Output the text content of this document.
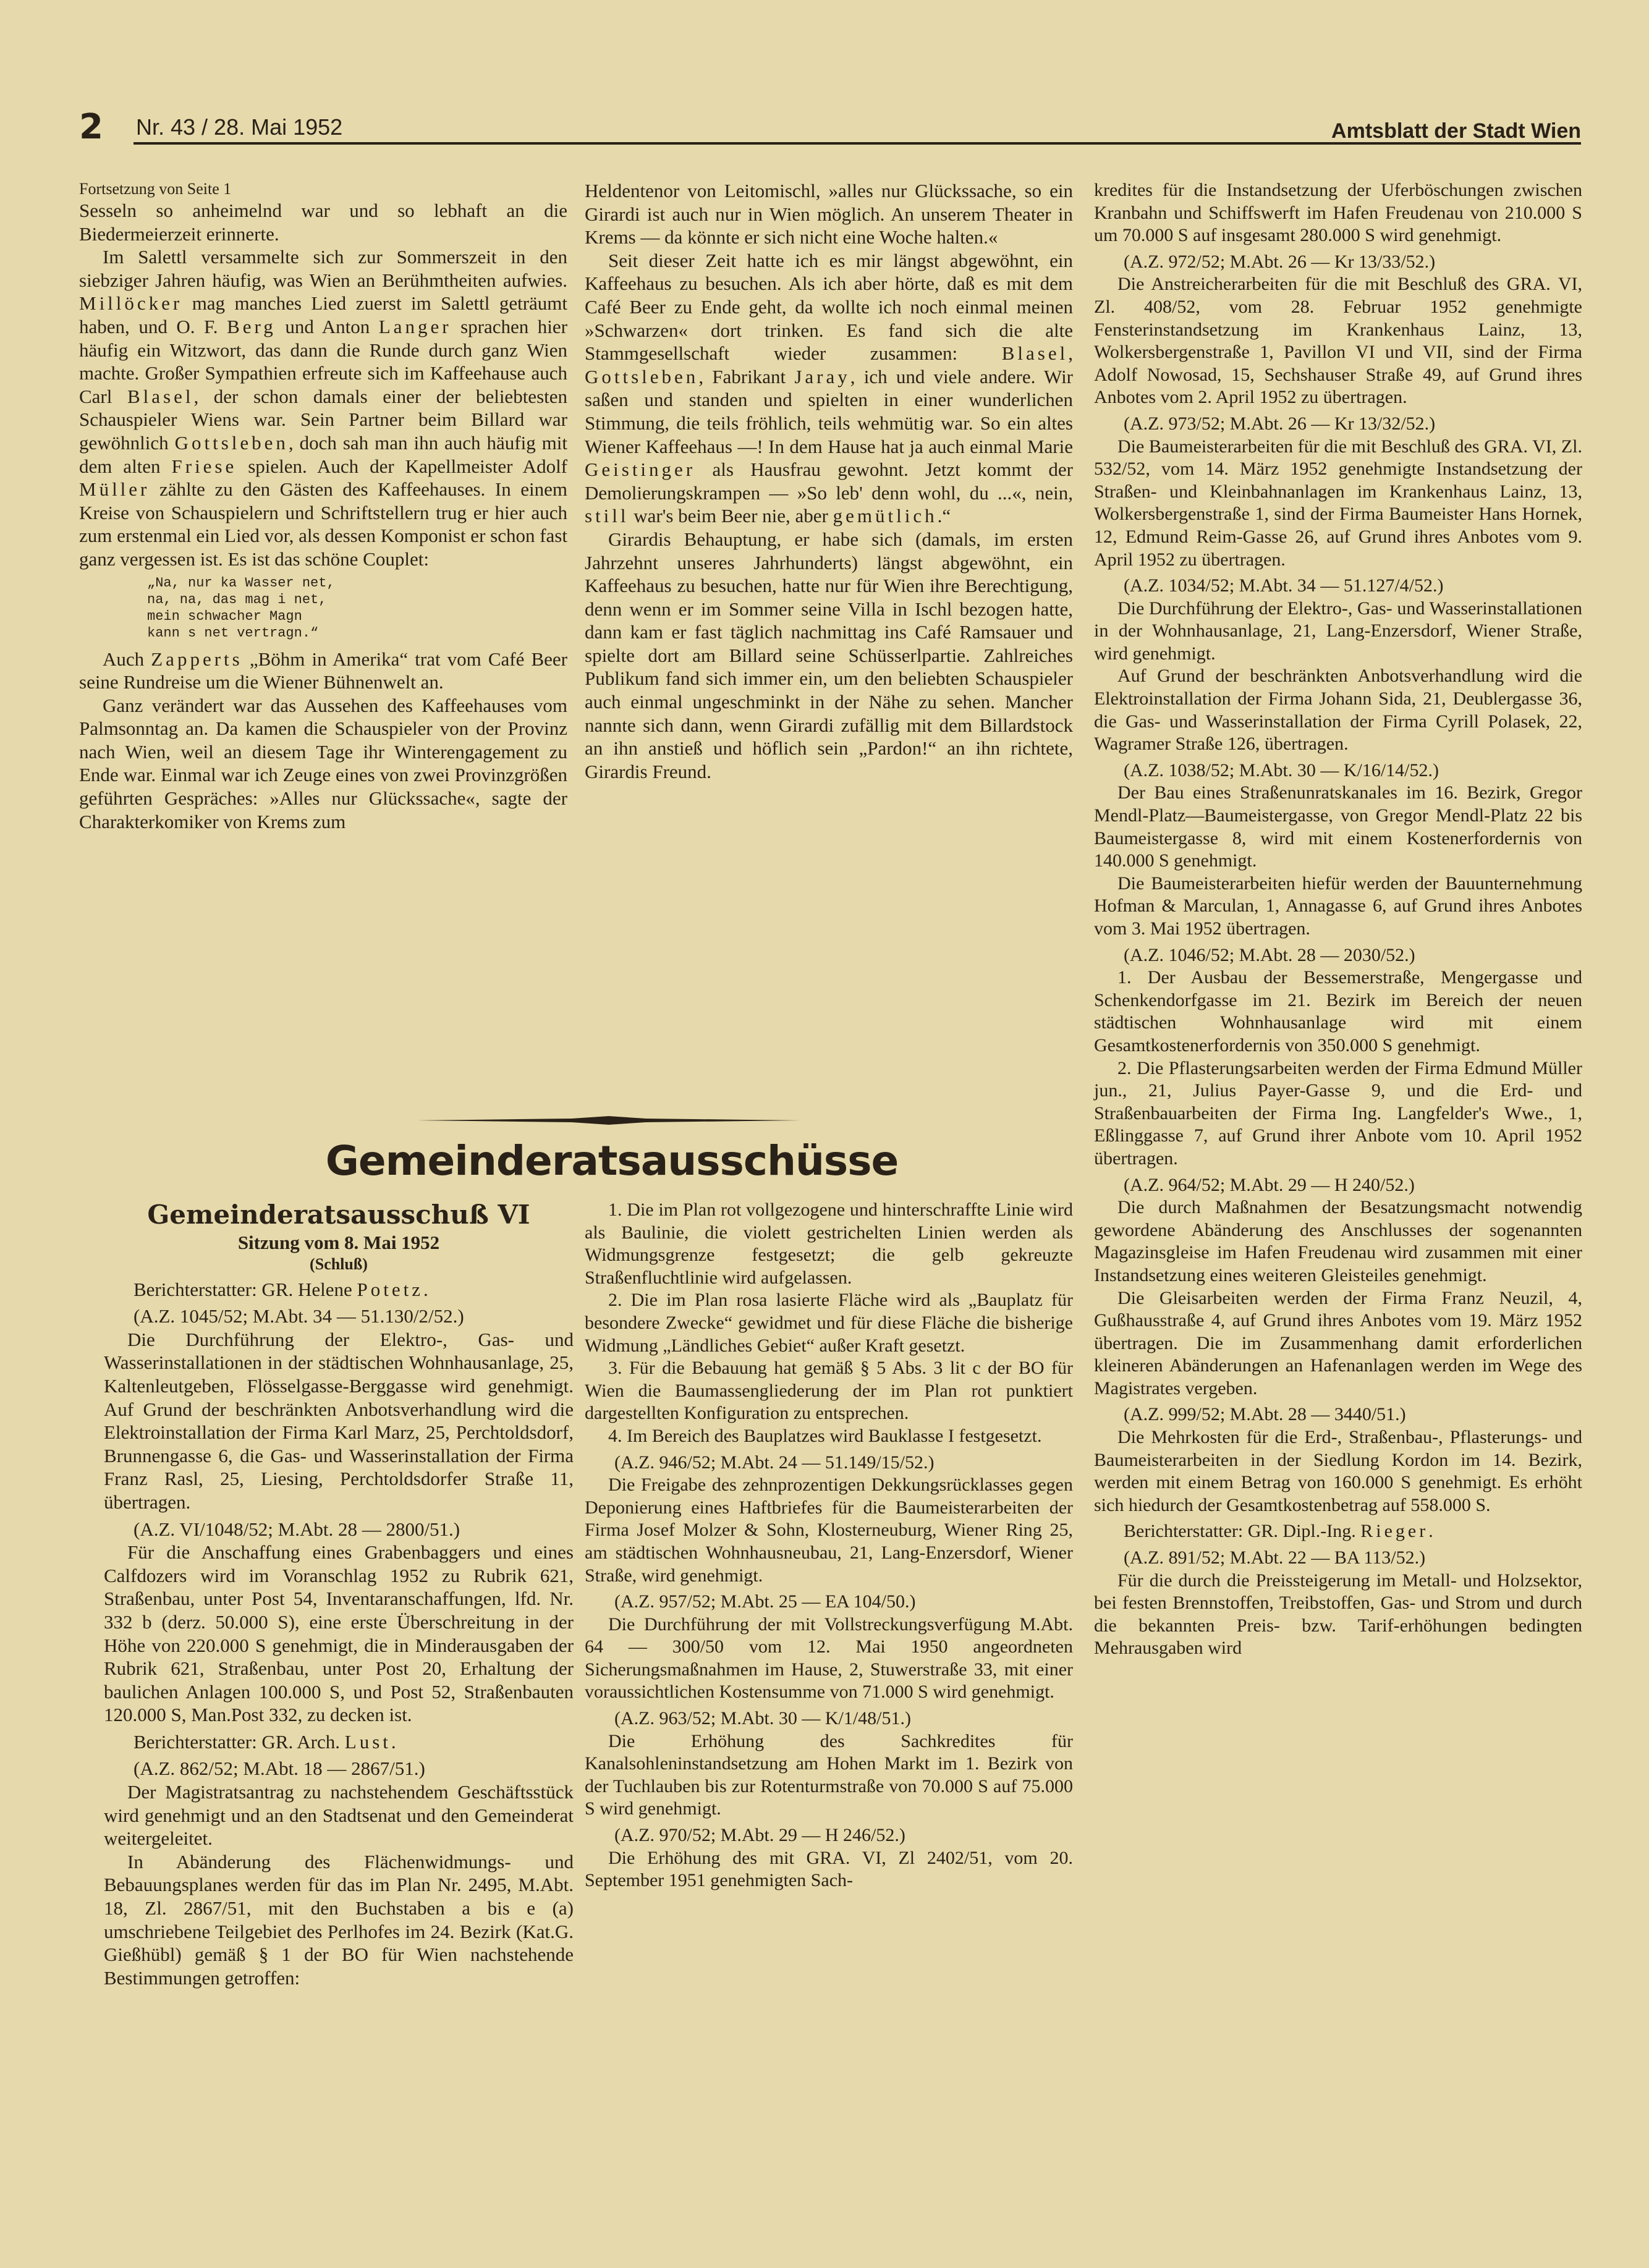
2 Nr. 43 / 28. Mai 1952	Amtsblatt der Stadt Wien

Fortsetzung von Seite 1

Sesseln so anheimelnd war und so lebhaft an die Biedermeierzeit erinnerte.

Im Salettl versammelte sich zur Sommerszeit in den siebziger Jahren häufig, was Wien an Berühmtheiten aufwies. Millöcker mag manches Lied zuerst im Salettl geträumt haben, und O. F. Berg und Anton Langer sprachen hier häufig ein Witzwort, das dann die Runde durch ganz Wien machte. Großer Sympathien erfreute sich im Kaffeehause auch Carl Blasel, der schon damals einer der beliebtesten Schauspieler Wiens war. Sein Partner beim Billard war gewöhnlich Gottsleben, doch sah man ihn auch häufig mit dem alten Friese spielen. Auch der Kapellmeister Adolf Müller zählte zu den Gästen des Kaffeehauses. In einem Kreise von Schauspielern und Schriftstellern trug er hier auch zum erstenmal ein Lied vor, als dessen Komponist er schon fast ganz vergessen ist. Es ist das schöne Couplet:

„Na, nur ka Wasser net,
na, na, das mag i net,
mein schwacher Magn
kann s net vertragn.“

Auch Zapperts „Böhm in Amerika“ trat vom Café Beer seine Rundreise um die Wiener Bühnenwelt an.

Ganz verändert war das Aussehen des Kaffeehauses vom Palmsonntag an. Da kamen die Schauspieler von der Provinz nach Wien, weil an diesem Tage ihr Winterengagement zu Ende war. Einmal war ich Zeuge eines von zwei Provinzgrößen geführten Gespräches: »Alles nur Glückssache«, sagte der Charakterkomiker von Krems zum

Heldentenor von Leitomischl, »alles nur Glückssache, so ein Girardi ist auch nur in Wien möglich. An unserem Theater in Krems — da könnte er sich nicht eine Woche halten.«

Seit dieser Zeit hatte ich es mir längst abgewöhnt, ein Kaffeehaus zu besuchen. Als ich aber hörte, daß es mit dem Café Beer zu Ende geht, da wollte ich noch einmal meinen »Schwarzen« dort trinken. Es fand sich die alte Stammgesellschaft wieder zusammen: Blasel, Gottsleben, Fabrikant Jaray, ich und viele andere. Wir saßen und standen und spielten in einer wunderlichen Stimmung, die teils fröhlich, teils wehmütig war. So ein altes Wiener Kaffeehaus —! In dem Hause hat ja auch einmal Marie Geistinger als Hausfrau gewohnt. Jetzt kommt der Demolierungskrampen — »So leb' denn wohl, du ...«, nein, still war's beim Beer nie, aber gemütlich.“

Girardis Behauptung, er habe sich (damals, im ersten Jahrzehnt unseres Jahrhunderts) längst abgewöhnt, ein Kaffeehaus zu besuchen, hatte nur für Wien ihre Berechtigung, denn wenn er im Sommer seine Villa in Ischl bezogen hatte, dann kam er fast täglich nachmittag ins Café Ramsauer und spielte dort am Billard seine Schüsserlpartie. Zahlreiches Publikum fand sich immer ein, um den beliebten Schauspieler auch einmal ungeschminkt in der Nähe zu sehen. Mancher nannte sich dann, wenn Girardi zufällig mit dem Billardstock an ihn anstieß und höflich sein „Pardon!“ an ihn richtete, Girardis Freund.

kredites für die Instandsetzung der Uferböschungen zwischen Kranbahn und Schiffswerft im Hafen Freudenau von 210.000 S um 70.000 S auf insgesamt 280.000 S wird genehmigt.

(A.Z. 972/52; M.Abt. 26 — Kr 13/33/52.)

Die Anstreicherarbeiten für die mit Beschluß des GRA. VI, Zl. 408/52, vom 28. Februar 1952 genehmigte Fensterinstandsetzung im Krankenhaus Lainz, 13, Wolkersbergenstraße 1, Pavillon VI und VII, sind der Firma Adolf Nowosad, 15, Sechshauser Straße 49, auf Grund ihres Anbotes vom 2. April 1952 zu übertragen.

(A.Z. 973/52; M.Abt. 26 — Kr 13/32/52.)

Die Baumeisterarbeiten für die mit Beschluß des GRA. VI, Zl. 532/52, vom 14. März 1952 genehmigte Instandsetzung der Straßen- und Kleinbahnanlagen im Krankenhaus Lainz, 13, Wolkersbergenstraße 1, sind der Firma Baumeister Hans Hornek, 12, Edmund Reim-Gasse 26, auf Grund ihres Anbotes vom 9. April 1952 zu übertragen.

(A.Z. 1034/52; M.Abt. 34 — 51.127/4/52.)

Die Durchführung der Elektro-, Gas- und Wasserinstallationen in der Wohnhausanlage, 21, Lang-Enzersdorf, Wiener Straße, wird genehmigt.

Auf Grund der beschränkten Anbotsverhandlung wird die Elektroinstallation der Firma Johann Sida, 21, Deublergasse 36, die Gas- und Wasserinstallation der Firma Cyrill Polasek, 22, Wagramer Straße 126, übertragen.

(A.Z. 1038/52; M.Abt. 30 — K/16/14/52.)

Der Bau eines Straßenunratskanales im 16. Bezirk, Gregor Mendl-Platz—Baumeistergasse, von Gregor Mendl-Platz 22 bis Baumeistergasse 8, wird mit einem Kostenerfordernis von 140.000 S genehmigt.

Die Baumeisterarbeiten hiefür werden der Bauunternehmung Hofman & Marculan, 1, Annagasse 6, auf Grund ihres Anbotes vom 3. Mai 1952 übertragen.

(A.Z. 1046/52; M.Abt. 28 — 2030/52.)

1. Der Ausbau der Bessemerstraße, Mengergasse und Schenkendorfgasse im 21. Bezirk im Bereich der neuen städtischen Wohnhausanlage wird mit einem Gesamtkostenerfordernis von 350.000 S genehmigt.

2. Die Pflasterungsarbeiten werden der Firma Edmund Müller jun., 21, Julius Payer-Gasse 9, und die Erd- und Straßenbauarbeiten der Firma Ing. Langfelder's Wwe., 1, Eßlinggasse 7, auf Grund ihrer Anbote vom 10. April 1952 übertragen.

(A.Z. 964/52; M.Abt. 29 — H 240/52.)

Die durch Maßnahmen der Besatzungsmacht notwendig gewordene Abänderung des Anschlusses der sogenannten Magazinsgleise im Hafen Freudenau wird zusammen mit einer Instandsetzung eines weiteren Gleisteiles genehmigt.

Die Gleisarbeiten werden der Firma Franz Neuzil, 4, Gußhausstraße 4, auf Grund ihres Anbotes vom 19. März 1952 übertragen. Die im Zusammenhang damit erforderlichen kleineren Abänderungen an Hafenanlagen werden im Wege des Magistrates vergeben.

(A.Z. 999/52; M.Abt. 28 — 3440/51.)

Die Mehrkosten für die Erd-, Straßenbau-, Pflasterungs- und Baumeisterarbeiten in der Siedlung Kordon im 14. Bezirk, werden mit einem Betrag von 160.000 S genehmigt. Es erhöht sich hiedurch der Gesamtkostenbetrag auf 558.000 S.

Berichterstatter: GR. Dipl.-Ing. Rieger.

(A.Z. 891/52; M.Abt. 22 — BA 113/52.)

Für die durch die Preissteigerung im Metall- und Holzsektor, bei festen Brennstoffen, Treibstoffen, Gas- und Strom und durch die bekannten Preis- bzw. Tarif-erhöhungen bedingten Mehrausgaben wird

Gemeinderatsausschüsse

Gemeinderatsausschuß VI

Sitzung vom 8. Mai 1952

(Schluß)

Berichterstatter: GR. Helene Potetz.

(A.Z. 1045/52; M.Abt. 34 — 51.130/2/52.)

Die Durchführung der Elektro-, Gas- und Wasserinstallationen in der städtischen Wohnhausanlage, 25, Kaltenleutgeben, Flösselgasse-Berggasse wird genehmigt. Auf Grund der beschränkten Anbotsverhandlung wird die Elektroinstallation der Firma Karl Marz, 25, Perchtoldsdorf, Brunnengasse 6, die Gas- und Wasserinstallation der Firma Franz Rasl, 25, Liesing, Perchtoldsdorfer Straße 11, übertragen.

(A.Z. VI/1048/52; M.Abt. 28 — 2800/51.)

Für die Anschaffung eines Grabenbaggers und eines Calfdozers wird im Voranschlag 1952 zu Rubrik 621, Straßenbau, unter Post 54, Inventaranschaffungen, lfd. Nr. 332 b (derz. 50.000 S), eine erste Überschreitung in der Höhe von 220.000 S genehmigt, die in Minderausgaben der Rubrik 621, Straßenbau, unter Post 20, Erhaltung der baulichen Anlagen 100.000 S, und Post 52, Straßenbauten 120.000 S, Man.Post 332, zu decken ist.

Berichterstatter: GR. Arch. Lust.

(A.Z. 862/52; M.Abt. 18 — 2867/51.)

Der Magistratsantrag zu nachstehendem Geschäftsstück wird genehmigt und an den Stadtsenat und den Gemeinderat weitergeleitet.

In Abänderung des Flächenwidmungs- und Bebauungsplanes werden für das im Plan Nr. 2495, M.Abt. 18, Zl. 2867/51, mit den Buchstaben a bis e (a) umschriebene Teilgebiet des Perlhofes im 24. Bezirk (Kat.G. Gießhübl) gemäß § 1 der BO für Wien nachstehende Bestimmungen getroffen:

1. Die im Plan rot vollgezogene und hinterschraffte Linie wird als Baulinie, die violett gestrichelten Linien werden als Widmungsgrenze festgesetzt; die gelb gekreuzte Straßenfluchtlinie wird aufgelassen.

2. Die im Plan rosa lasierte Fläche wird als „Bauplatz für besondere Zwecke“ gewidmet und für diese Fläche die bisherige Widmung „Ländliches Gebiet“ außer Kraft gesetzt.

3. Für die Bebauung hat gemäß § 5 Abs. 3 lit c der BO für Wien die Baumassengliederung der im Plan rot punktiert dargestellten Konfiguration zu entsprechen.

4. Im Bereich des Bauplatzes wird Bauklasse I festgesetzt.

(A.Z. 946/52; M.Abt. 24 — 51.149/15/52.)

Die Freigabe des zehnprozentigen Dekkungsrücklasses gegen Deponierung eines Haftbriefes für die Baumeisterarbeiten der Firma Josef Molzer & Sohn, Klosterneuburg, Wiener Ring 25, am städtischen Wohnhausneubau, 21, Lang-Enzersdorf, Wiener Straße, wird genehmigt.

(A.Z. 957/52; M.Abt. 25 — EA 104/50.)

Die Durchführung der mit Vollstreckungsverfügung M.Abt. 64 — 300/50 vom 12. Mai 1950 angeordneten Sicherungsmaßnahmen im Hause, 2, Stuwerstraße 33, mit einer voraussichtlichen Kostensumme von 71.000 S wird genehmigt.

(A.Z. 963/52; M.Abt. 30 — K/1/48/51.)

Die Erhöhung des Sachkredites für Kanalsohleninstandsetzung am Hohen Markt im 1. Bezirk von der Tuchlauben bis zur Rotenturmstraße von 70.000 S auf 75.000 S wird genehmigt.

(A.Z. 970/52; M.Abt. 29 — H 246/52.)

Die Erhöhung des mit GRA. VI, Zl 2402/51, vom 20. September 1951 genehmigten Sach-
